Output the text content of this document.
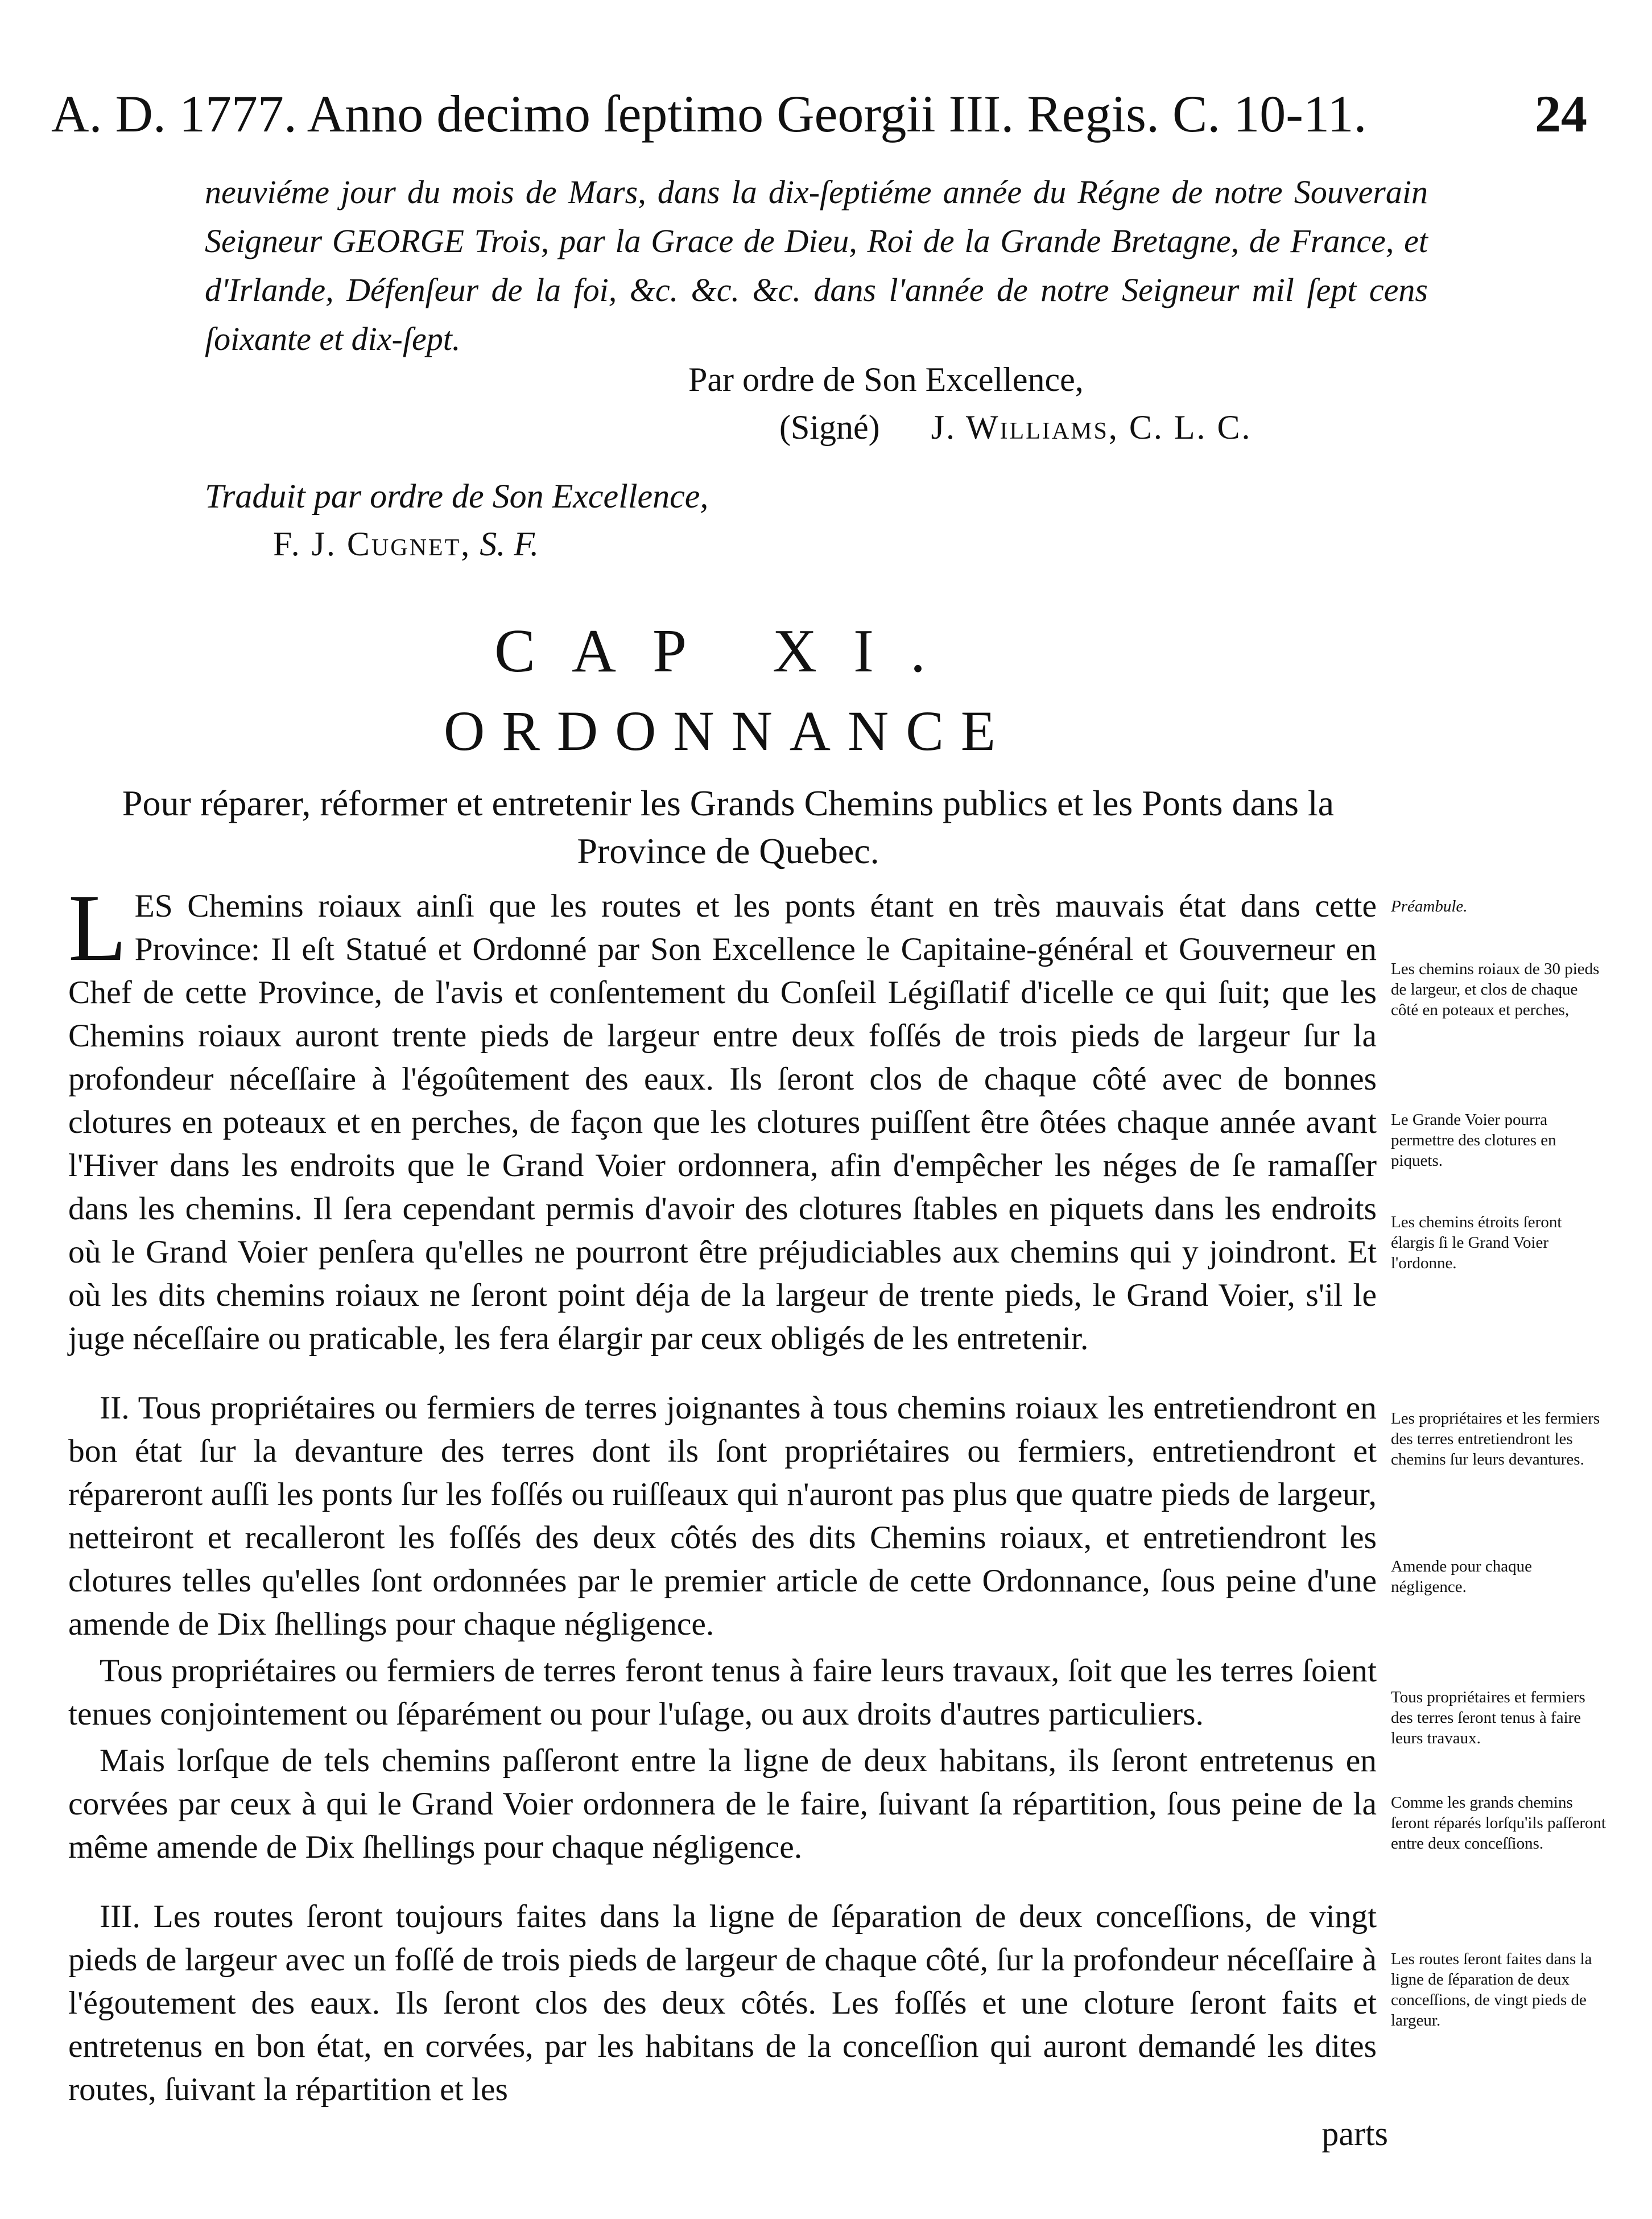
A. D. 1777. Anno decimo ſeptimo Georgii III. Regis. C. 10-11.	24
neuviéme jour du mois de Mars, dans la dix-ſeptiéme année du Régne de notre Souverain Seigneur GEORGE Trois, par la Grace de Dieu, Roi de la Grande Bretagne, de France, et d'Irlande, Défenſeur de la foi, &c. &c. &c. dans l'année de notre Seigneur mil ſept cens ſoixante et dix-ſept.
Par ordre de Son Excellence,
(Signé) J. Williams, C. L. C.
Traduit par ordre de Son Excellence,
F. J. Cugnet, S. F.
CAP XI.
ORDONNANCE
Pour réparer, réformer et entretenir les Grands Chemins publics et les Ponts dans la Province de Quebec.

LES Chemins roiaux ainſi que les routes et les ponts étant en très mauvais état dans cette Province: Il eſt Statué et Ordonné par Son Excellence le Capitaine-général et Gouverneur en Chef de cette Province, de l'avis et conſentement du Conſeil Légiſlatif d'icelle ce qui ſuit; que les Chemins roiaux auront trente pieds de largeur entre deux foſſés de trois pieds de largeur ſur la profondeur néceſſaire à l'égoûtement des eaux. Ils ſeront clos de chaque côté avec de bonnes clotures en poteaux et en perches, de façon que les clotures puiſſent être ôtées chaque année avant l'Hiver dans les endroits que le Grand Voier ordonnera, afin d'empêcher les néges de ſe ramaſſer dans les chemins. Il ſera cependant permis d'avoir des clotures ſtables en piquets dans les endroits où le Grand Voier penſera qu'elles ne pourront être préjudiciables aux chemins qui y joindront. Et où les dits chemins roiaux ne ſeront point déja de la largeur de trente pieds, le Grand Voier, s'il le juge néceſſaire ou praticable, les fera élargir par ceux obligés de les entretenir.

II. Tous propriétaires ou fermiers de terres joignantes à tous chemins roiaux les entretiendront en bon état ſur la devanture des terres dont ils ſont propriétaires ou fermiers, entretiendront et répareront auſſi les ponts ſur les foſſés ou ruiſſeaux qui n'auront pas plus que quatre pieds de largeur, netteiront et recalleront les foſſés des deux côtés des dits Chemins roiaux, et entretiendront les clotures telles qu'elles ſont ordonnées par le premier article de cette Ordonnance, ſous peine d'une amende de Dix ſhellings pour chaque négligence.

Tous propriétaires ou fermiers de terres feront tenus à faire leurs travaux, ſoit que les terres ſoient tenues conjointement ou ſéparément ou pour l'uſage, ou aux droits d'autres particuliers.

Mais lorſque de tels chemins paſſeront entre la ligne de deux habitans, ils ſeront entretenus en corvées par ceux à qui le Grand Voier ordonnera de le faire, ſuivant ſa répartition, ſous peine de la même amende de Dix ſhellings pour chaque négligence.

III. Les routes ſeront toujours faites dans la ligne de ſéparation de deux conceſſions, de vingt pieds de largeur avec un foſſé de trois pieds de largeur de chaque côté, ſur la profondeur néceſſaire à l'égoutement des eaux. Ils ſeront clos des deux côtés. Les foſſés et une cloture ſeront faits et entretenus en bon état, en corvées, par les habitans de la conceſſion qui auront demandé les dites routes, ſuivant la répartition et les

Préambule.
Les chemins roiaux de 30 pieds de largeur, et clos de chaque côté en poteaux et perches,
Le Grande Voier pourra permettre des clotures en piquets.
Les chemins étroits ſeront élargis ſi le Grand Voier l'ordonne.
Les propriétaires et les fermiers des terres entretiendront les chemins ſur leurs devantures.
Amende pour chaque négligence.
Tous propriétaires et fermiers des terres ſeront tenus à faire leurs travaux.
Comme les grands chemins ſeront réparés lorſqu'ils paſſeront entre deux conceſſions.
Les routes ſeront faites dans la ligne de ſéparation de deux conceſſions, de vingt pieds de largeur.
parts
